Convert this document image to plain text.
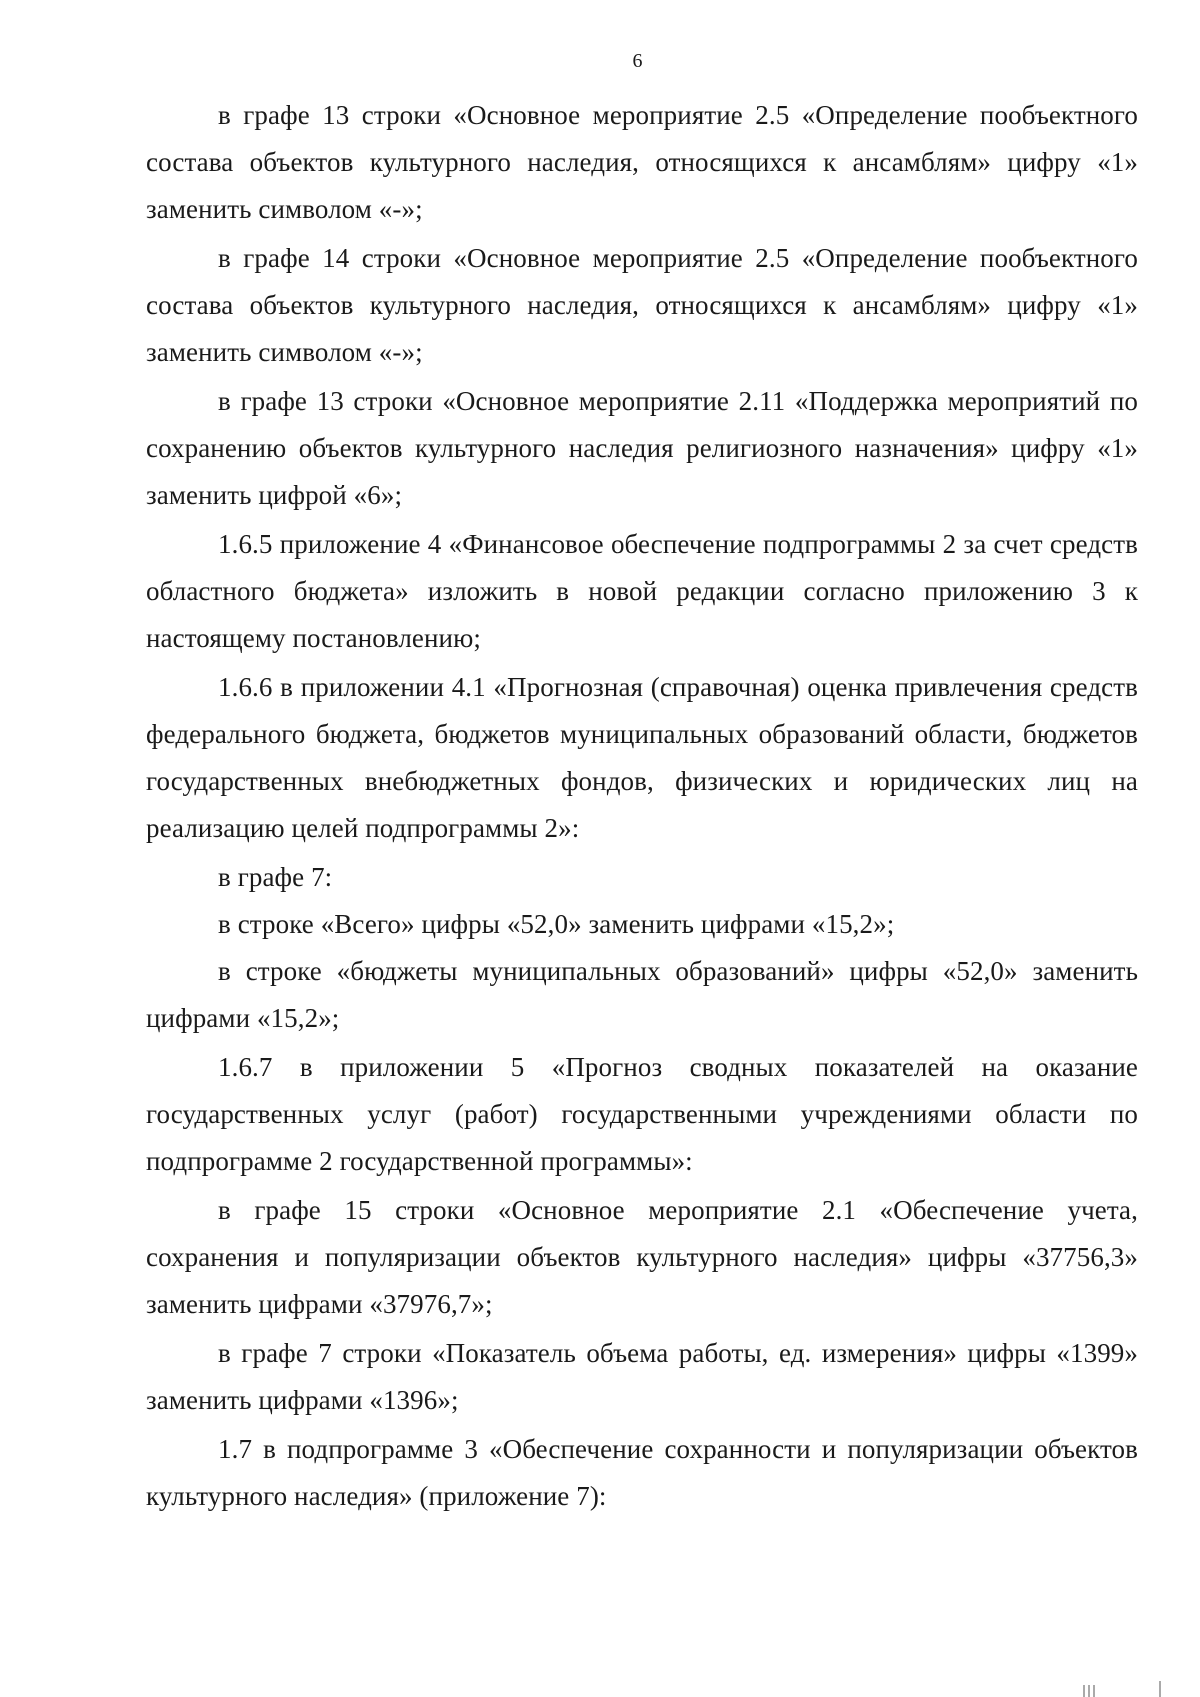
6

в графе 13 строки «Основное мероприятие 2.5 «Определение пообъектного состава объектов культурного наследия, относящихся к ансамблям» цифру «1» заменить символом «-»;

в графе 14 строки «Основное мероприятие 2.5 «Определение пообъектного состава объектов культурного наследия, относящихся к ансамблям» цифру «1» заменить символом «-»;

в графе 13 строки «Основное мероприятие 2.11 «Поддержка мероприятий по сохранению объектов культурного наследия религиозного назначения» цифру «1» заменить цифрой «6»;

1.6.5 приложение 4 «Финансовое обеспечение подпрограммы 2 за счет средств областного бюджета» изложить в новой редакции согласно приложению 3 к настоящему постановлению;

1.6.6 в приложении 4.1 «Прогнозная (справочная) оценка привлечения средств федерального бюджета, бюджетов муниципальных образований области, бюджетов государственных внебюджетных фондов, физических и юридических лиц на реализацию целей подпрограммы 2»:

в графе 7:

в строке «Всего» цифры «52,0» заменить цифрами «15,2»;

в строке «бюджеты муниципальных образований» цифры «52,0» заменить цифрами «15,2»;

1.6.7 в приложении 5 «Прогноз сводных показателей на оказание государственных услуг (работ) государственными учреждениями области по подпрограмме 2 государственной программы»:

в графе 15 строки «Основное мероприятие 2.1 «Обеспечение учета, сохранения и популяризации объектов культурного наследия» цифры «37756,3» заменить цифрами «37976,7»;

в графе 7 строки «Показатель объема работы, ед. измерения» цифры «1399» заменить цифрами «1396»;

1.7 в подпрограмме 3 «Обеспечение сохранности и популяризации объектов культурного наследия» (приложение 7):
